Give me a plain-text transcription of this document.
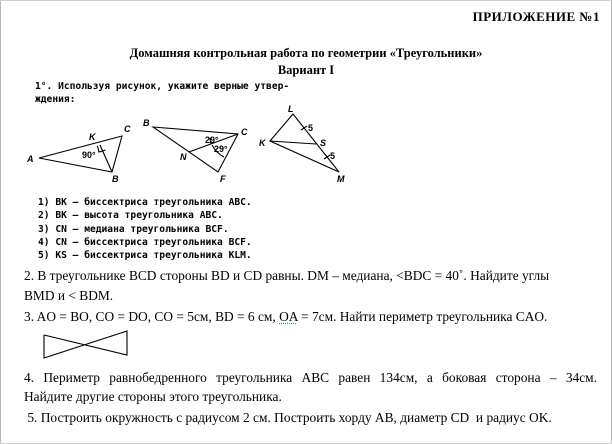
ПРИЛОЖЕНИЕ №1
Домашняя контрольная работа по геометрии «Треугольники»
Вариант I
1°. Используя рисунок, укажите верные утвер-
ждения:
A
K
C
B
90°
B
C
N
F
29°
29°
L
K	S
M
5
5
1) BK — биссектриса треугольника ABC.
2) BK — высота треугольника ABC.
3) CN — медиана треугольника BCF.
4) CN — биссектриса треугольника BCF.
5) KS — биссектриса треугольника KLM.
2. В треугольнике BCD стороны BD и CD равны. DM – медиана, <BDC = 40˚. Найдите углы
BMD и < BDM.
3. AO = BO, CO = DO, CO = 5см, BD = 6 см, OA = 7см. Найти периметр треугольника CAO.
4. Периметр равнобедренного треугольника ABC равен 134см, а боковая сторона – 34см.
Найдите другие стороны этого треугольника.
5. Построить окружность с радиусом 2 см. Построить хорду AB, диаметр CD  и радиус OK.
